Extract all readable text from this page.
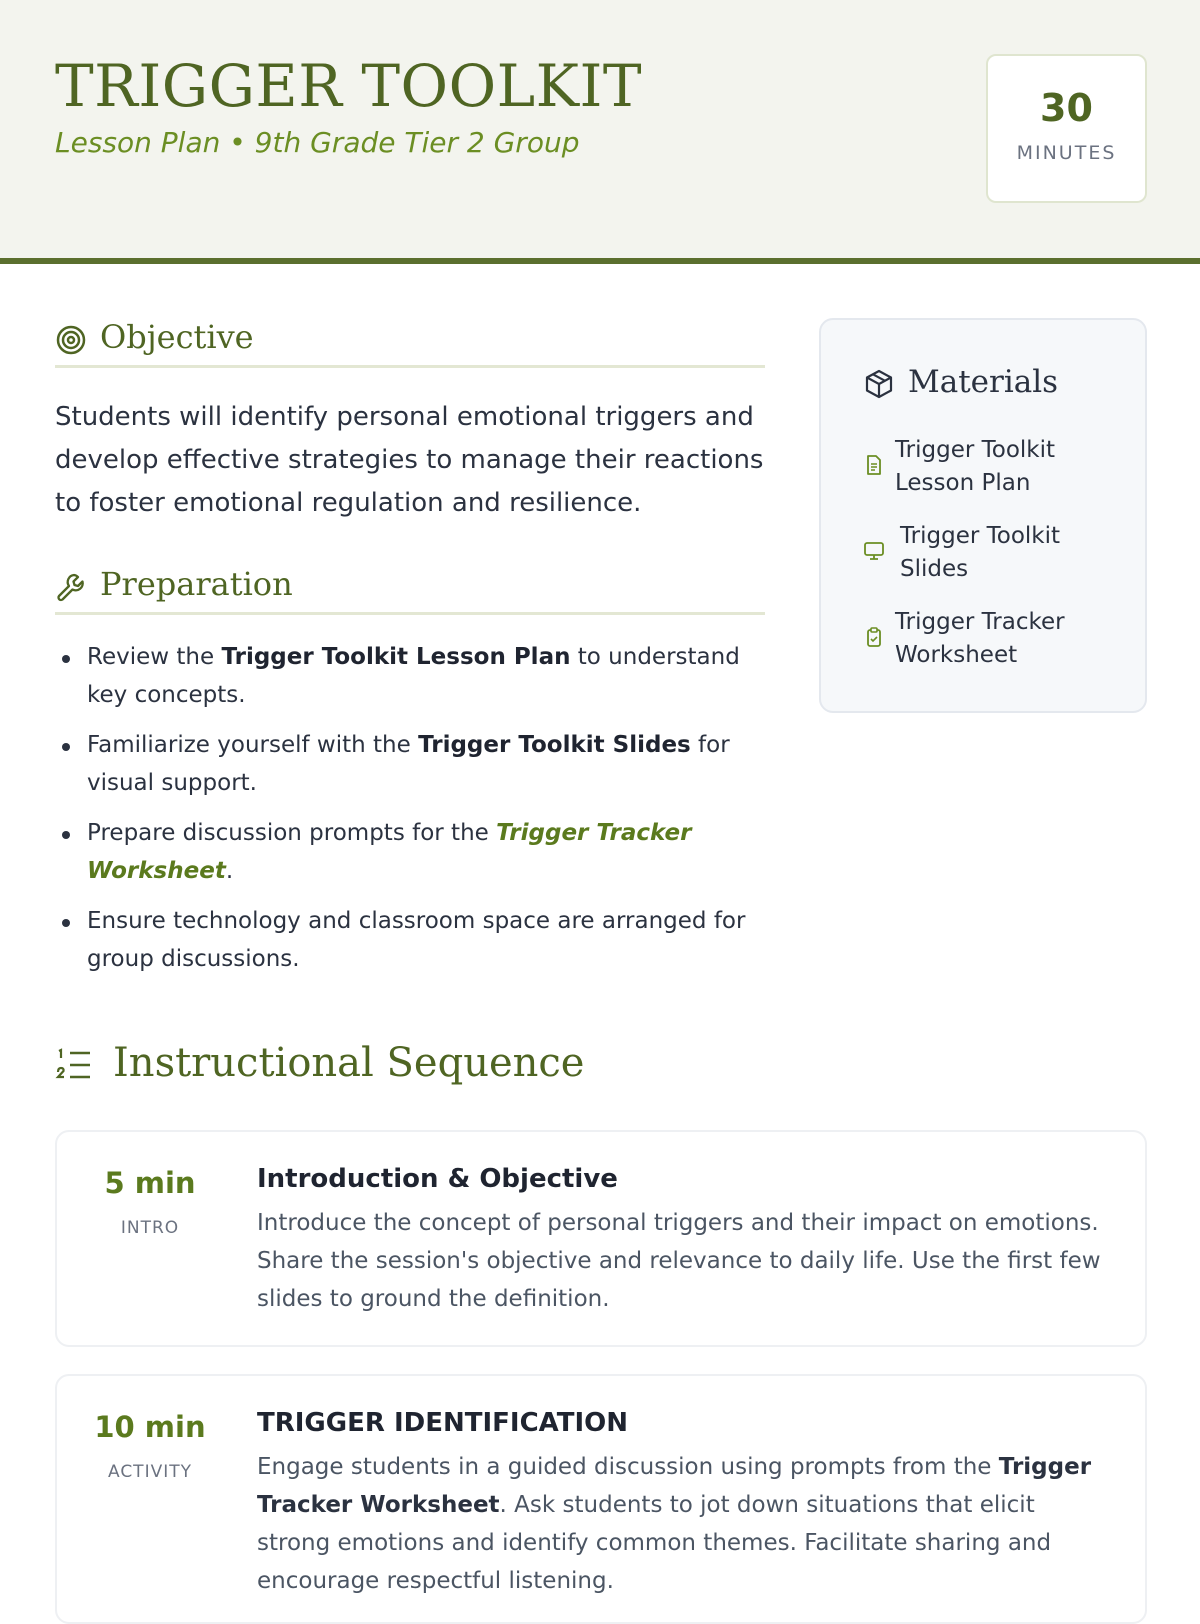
TRIGGER TOOLKIT
Lesson Plan • 9th Grade Tier 2 Group
30
MINUTES
Objective

Students will identify personal emotional triggers and develop effective strategies to manage their reactions to foster emotional regulation and resilience.

Preparation
Review the Trigger Toolkit Lesson Plan to understand key concepts.
Familiarize yourself with the Trigger Toolkit Slides for visual support.
Prepare discussion prompts for the Trigger Tracker Worksheet.
Ensure technology and classroom space are arranged for group discussions.
Materials
Trigger Toolkit Lesson Plan
Trigger Toolkit Slides
Trigger Tracker Worksheet
Instructional Sequence
5 min
INTRO
Introduction & Objective
Introduce the concept of personal triggers and their impact on emotions. Share the session's objective and relevance to daily life. Use the first few slides to ground the definition.
10 min
ACTIVITY
TRIGGER IDENTIFICATION
Engage students in a guided discussion using prompts from the Trigger Tracker Worksheet. Ask students to jot down situations that elicit strong emotions and identify common themes. Facilitate sharing and encourage respectful listening.
